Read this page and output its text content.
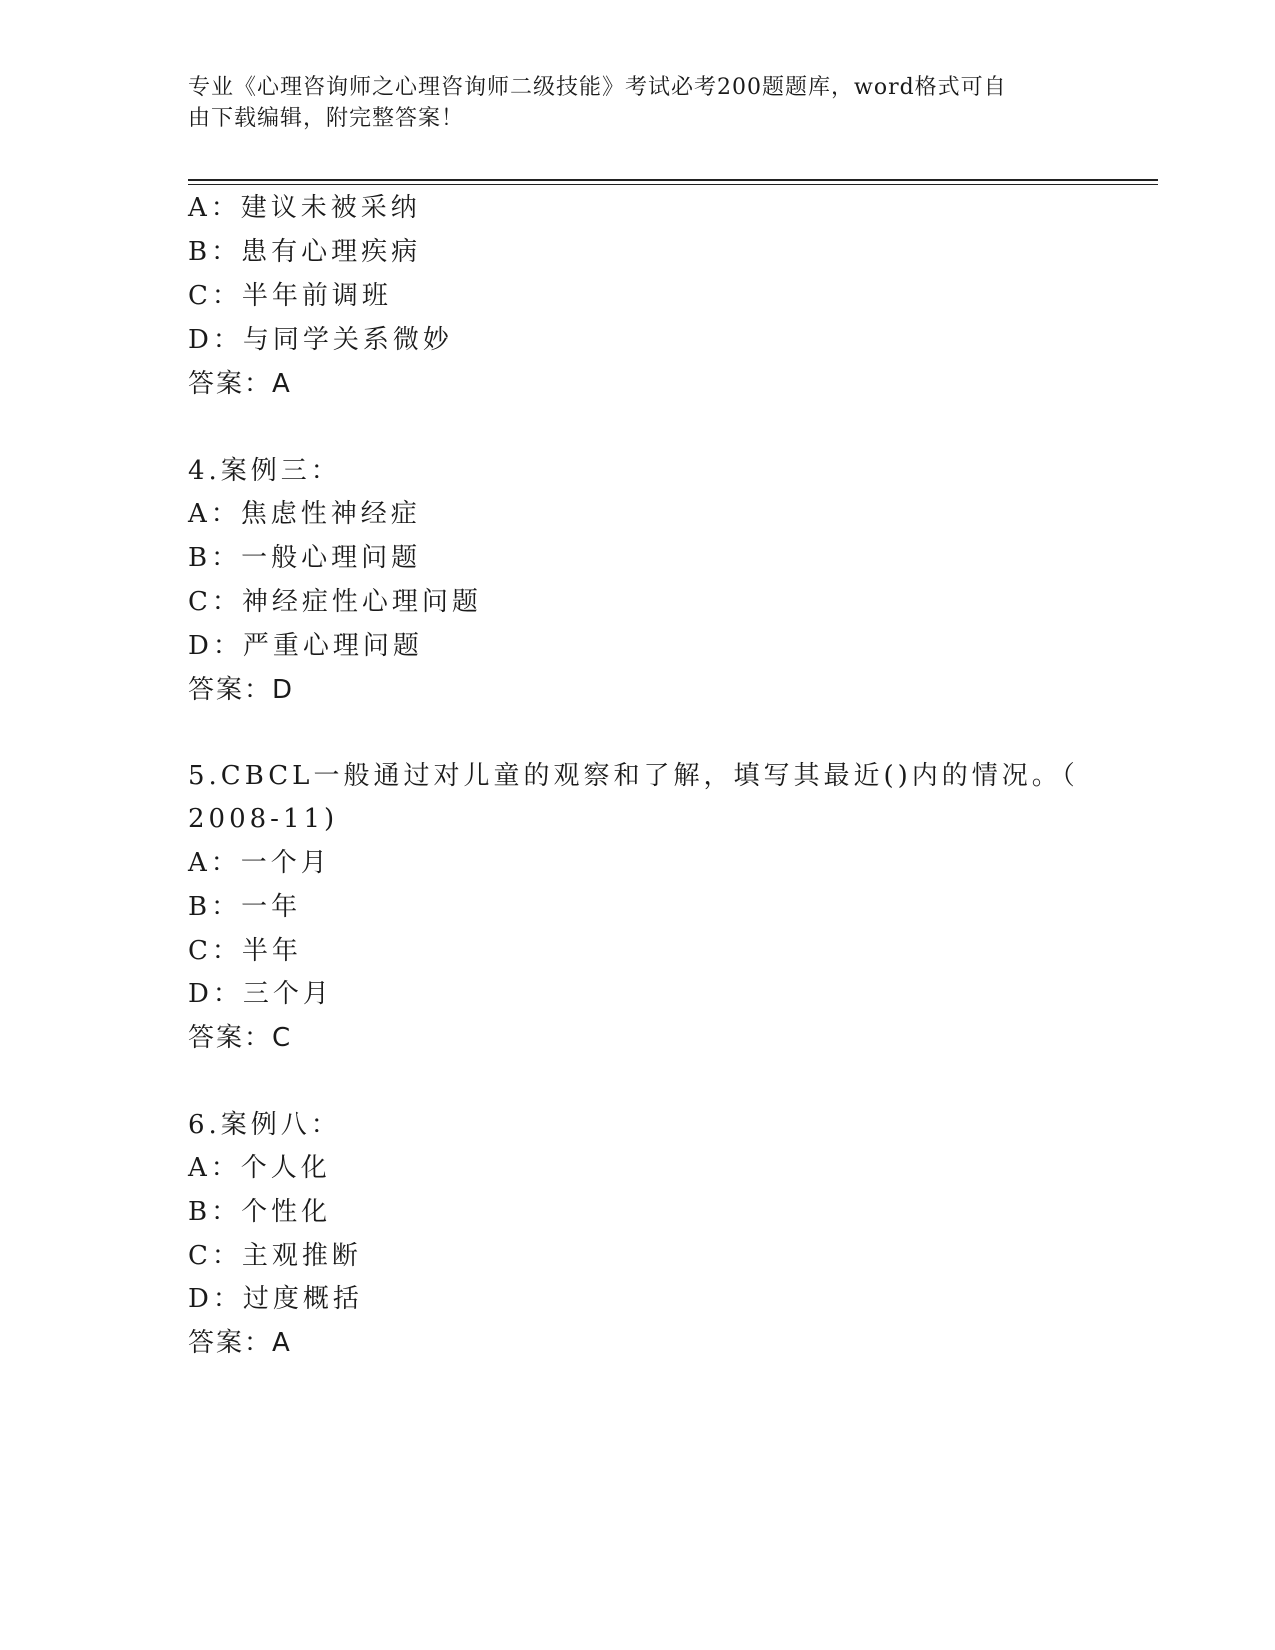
专业《心理咨询师之心理咨询师二级技能》考试必考200题题库，word格式可自
由下载编辑，附完整答案！
A：建议未被采纳
B：患有心理疾病
C：半年前调班
D：与同学关系微妙
答案：A
4.案例三：
A：焦虑性神经症
B：一般心理问题
C：神经症性心理问题
D：严重心理问题
答案：D
5.CBCL一般通过对儿童的观察和了解，填写其最近()内的情况。（
2008-11)
A：一个月
B：一年
C：半年
D：三个月
答案：C
6.案例八：
A：个人化
B：个性化
C：主观推断
D：过度概括
答案：A
